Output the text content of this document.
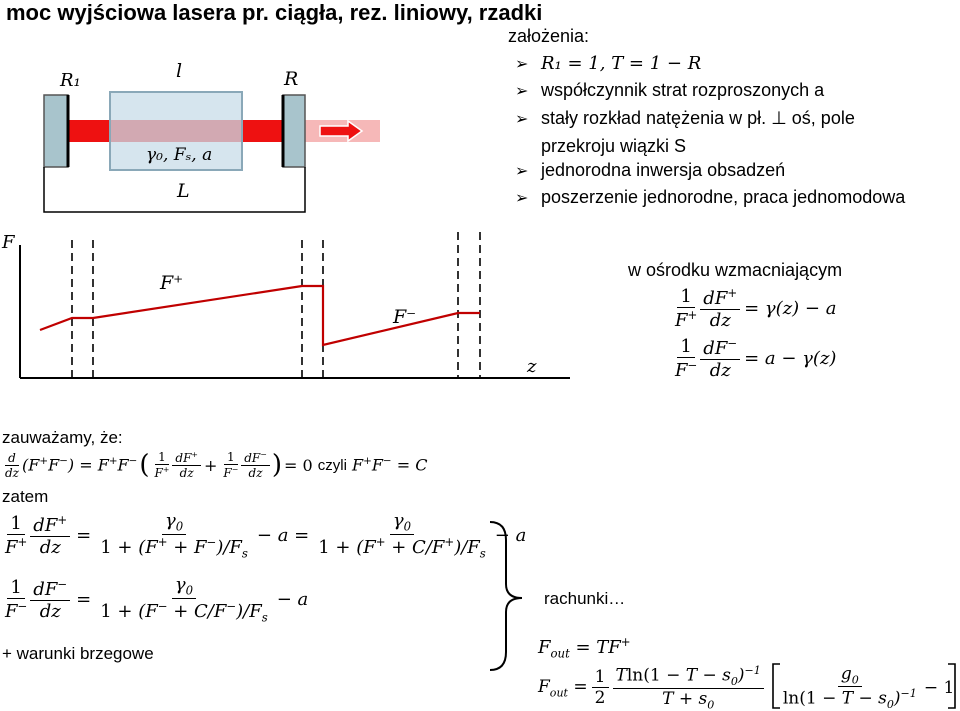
moc wyjściowa lasera pr. ciągła, rez. liniowy, rzadki
R₁	l	R
γ₀, Fₛ, a
L
założenia:
➢ R₁ = 1, T = 1 − R
➢ współczynnik strat rozproszonych a
➢ stały rozkład natężenia w pł. ⊥ oś, pole
przekroju wiązki S
➢ jednorodna inwersja obsadzeń
➢ poszerzenie jednorodne, praca jednomodowa
F
z
F⁺
F⁻
w ośrodku wzmacniającym
$\frac{1}{F^+} \frac{dF^+}{dz} = \gamma(z) - a$
$\frac{1}{F^-} \frac{dF^-}{dz} = a - \gamma(z)$
zauważamy, że:
$\frac{d}{dz} (F^+F^-) = F^+F^-$ ( $\frac{1}{F^+} \frac{dF^+}{dz} + \frac{1}{F^-} \frac{dF^-}{dz}$ ) = 0 czyli F+F− = C
zatem
$\frac{1}{F^+} \frac{dF^+}{dz} = \frac{\gamma_0}{1 + (F^+ + F^-)/F_s} - a = \frac{\gamma_0}{1 + (F^+ + C/F^+)/F_s} - a$
$\frac{1}{F^-} \frac{dF^-}{dz} = \frac{\gamma_0}{1 + (F^- + C/F^-)/F_s} - a$
+ warunki brzegowe
rachunki…
$F_{out} = TF^+$
$F_{out} = \frac{1}{2} \frac{Tln(1 - T - s_0)^{-1}}{T + s_0} \frac{g_0}{\ln(1 - T - s_0)^{-1}} - 1$
